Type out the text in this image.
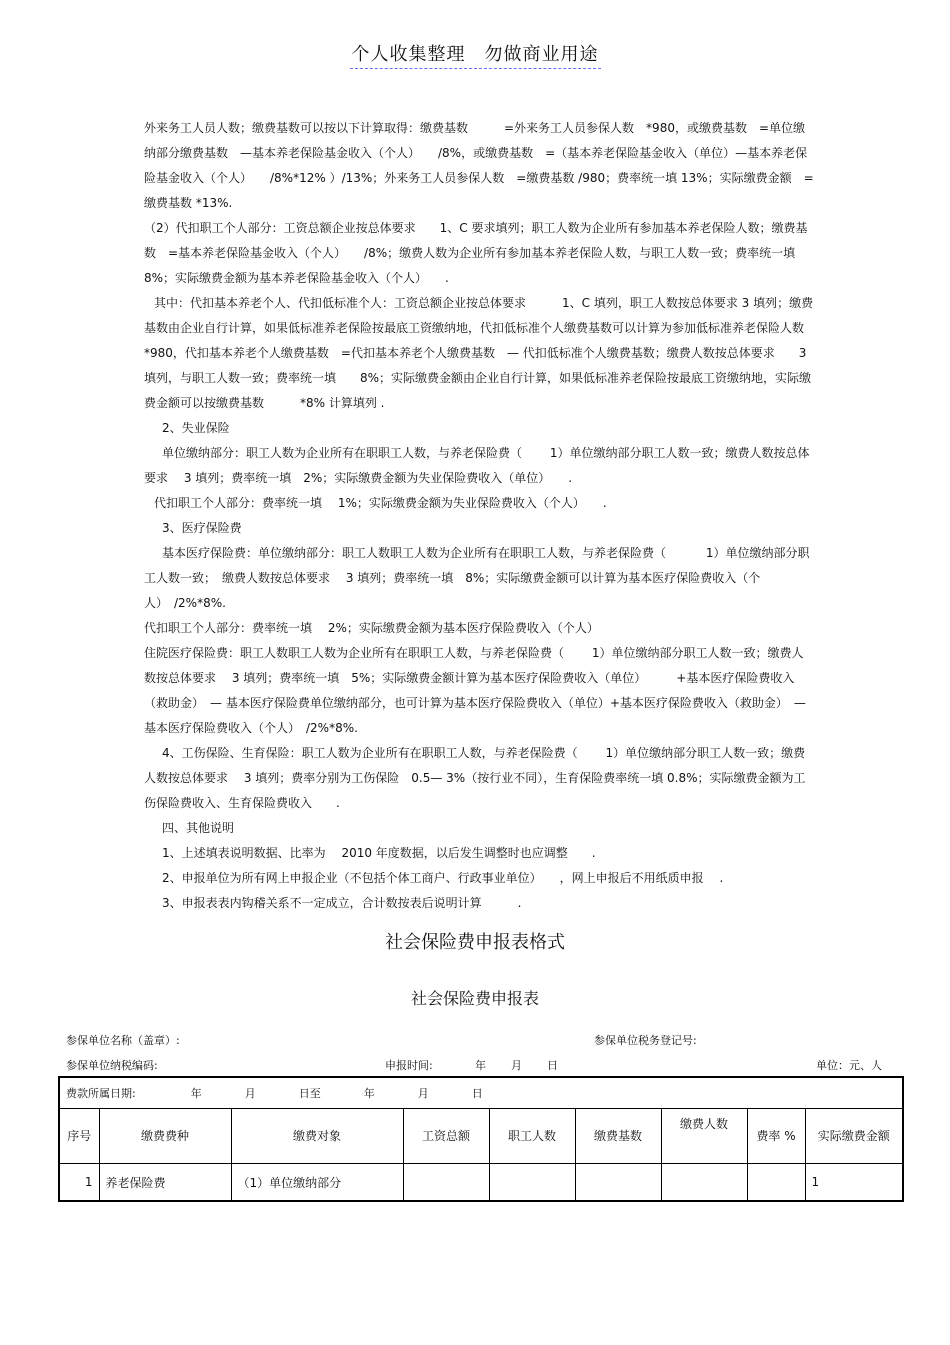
个人收集整理　勿做商业用途

外来务工人员人数；缴费基数可以按以下计算取得：缴费基数　　　=外来务工人员参保人数　*980，或缴费基数　=单位缴纳部分缴费基数　—基本养老保险基金收入（个人）　　/8%，或缴费基数　=（基本养老保险基金收入（单位）—基本养老保险基金收入（个人）　　/8%*12% ）/13%；外来务工人员参保人数　=缴费基数 /980；费率统一填 13%；实际缴费金额　=缴费基数 *13%.

（2）代扣职工个人部分：工资总额企业按总体要求　　1、C 要求填列；职工人数为企业所有参加基本养老保险人数；缴费基数　=基本养老保险基金收入（个人）　　/8%；缴费人数为企业所有参加基本养老保险人数，与职工人数一致；费率统一填　 8%；实际缴费金额为基本养老保险基金收入（个人）　　.

其中：代扣基本养老个人、代扣低标准个人：工资总额企业按总体要求　　　1、C 填列，职工人数按总体要求 3 填列；缴费基数由企业自行计算，如果低标准养老保险按最底工资缴纳地，代扣低标准个人缴费基数可以计算为参加低标准养老保险人数　　*980，代扣基本养老个人缴费基数　=代扣基本养老个人缴费基数　— 代扣低标准个人缴费基数；缴费人数按总体要求　　3 填列，与职工人数一致；费率统一填　　8%；实际缴费金额由企业自行计算，如果低标准养老保险按最底工资缴纳地，实际缴费金额可以按缴费基数　　　*8% 计算填列 .

2、失业保险

单位缴纳部分：职工人数为企业所有在职职工人数，与养老保险费（　　 1）单位缴纳部分职工人数一致；缴费人数按总体要求　 3 填列；费率统一填　2%；实际缴费金额为失业保险费收入（单位）　　.

代扣职工个人部分：费率统一填　 1%；实际缴费金额为失业保险费收入（个人）　　.

3、医疗保险费

基本医疗保险费：单位缴纳部分：职工人数职工人数为企业所有在职职工人数，与养老保险费（　　　 1）单位缴纳部分职工人数一致；　缴费人数按总体要求　 3 填列；费率统一填　8%；实际缴费金额可以计算为基本医疗保险费收入（个人）　/2%*8%.

代扣职工个人部分：费率统一填　 2%；实际缴费金额为基本医疗保险费收入（个人）

住院医疗保险费：职工人数职工人数为企业所有在职职工人数，与养老保险费（　　 1）单位缴纳部分职工人数一致；缴费人数按总体要求　 3 填列；费率统一填　5%；实际缴费金额计算为基本医疗保险费收入（单位）　　　+基本医疗保险费收入（救助金）　— 基本医疗保险费单位缴纳部分，也可计算为基本医疗保险费收入（单位）+基本医疗保险费收入（救助金）　— 基本医疗保险费收入（个人）　/2%*8%.

4、工伤保险、生育保险：职工人数为企业所有在职职工人数，与养老保险费（　　 1）单位缴纳部分职工人数一致；缴费人数按总体要求　 3 填列；费率分别为工伤保险　0.5— 3%（按行业不同），生育保险费率统一填 0.8%；实际缴费金额为工伤保险费收入、生育保险费收入　　.

四、其他说明

1、上述填表说明数据、比率为　 2010 年度数据，以后发生调整时也应调整　　.

2、申报单位为所有网上申报企业（不包括个体工商户、行政事业单位）　　，网上申报后不用纸质申报　 .

3、申报表表内钩稽关系不一定成立，合计数按表后说明计算　　　.

社会保险费申报表格式
社会保险费申报表
参保单位名称（盖章）:	参保单位税务登记号:
参保单位纳税编码:	申报时间:	年 月 日	单位：元、人
费款所属日期: 年 月 日至 年 月 日								
序号	缴费费种	缴费对象	工资总额	职工人数	缴费基数	缴费人数	费率 %	实际缴费金额
1	养老保险费	（1）单位缴纳部分						1
